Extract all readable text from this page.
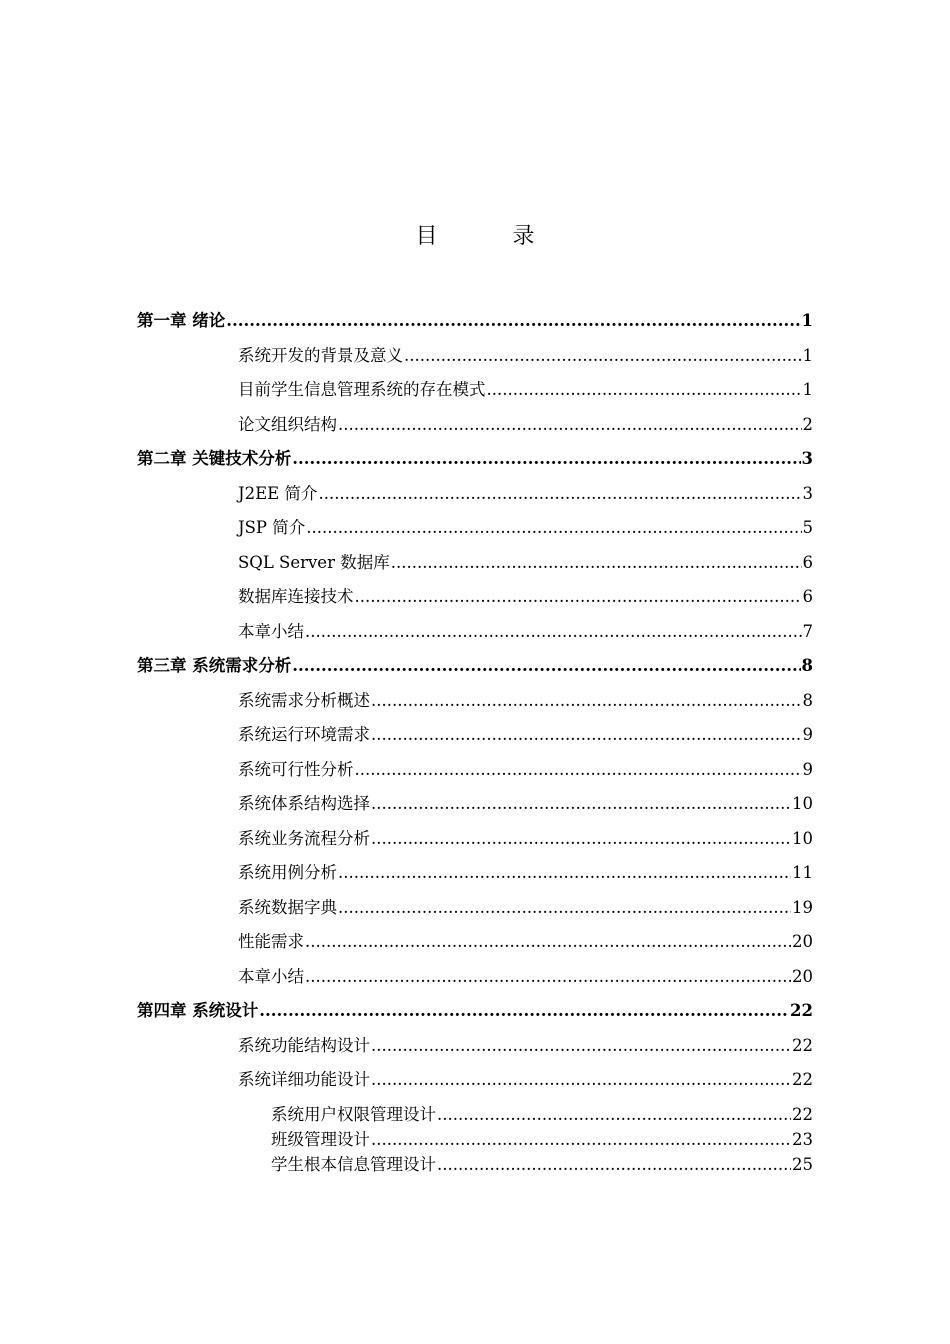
目 录
第一章 绪论 .....	1
系统开发的背景及意义 .....	1
目前学生信息管理系统的存在模式 .....	1
论文组织结构 .....	2
第二章 关键技术分析 .....	3
J2EE 简介 .....	3
JSP 简介 .....	5
SQL Server 数据库 .....	6
数据库连接技术 .....	6
本章小结 .....	7
第三章 系统需求分析 .....	8
系统需求分析概述 .....	8
系统运行环境需求 .....	9
系统可行性分析 .....	9
系统体系结构选择 .....	10
系统业务流程分析 .....	10
系统用例分析 .....	11
系统数据字典 .....	19
性能需求 .....	20
本章小结 .....	20
第四章 系统设计 .....	22
系统功能结构设计 .....	22
系统详细功能设计 .....	22
系统用户权限管理设计 .....	22
班级管理设计 .....	23
学生根本信息管理设计 .....	25
